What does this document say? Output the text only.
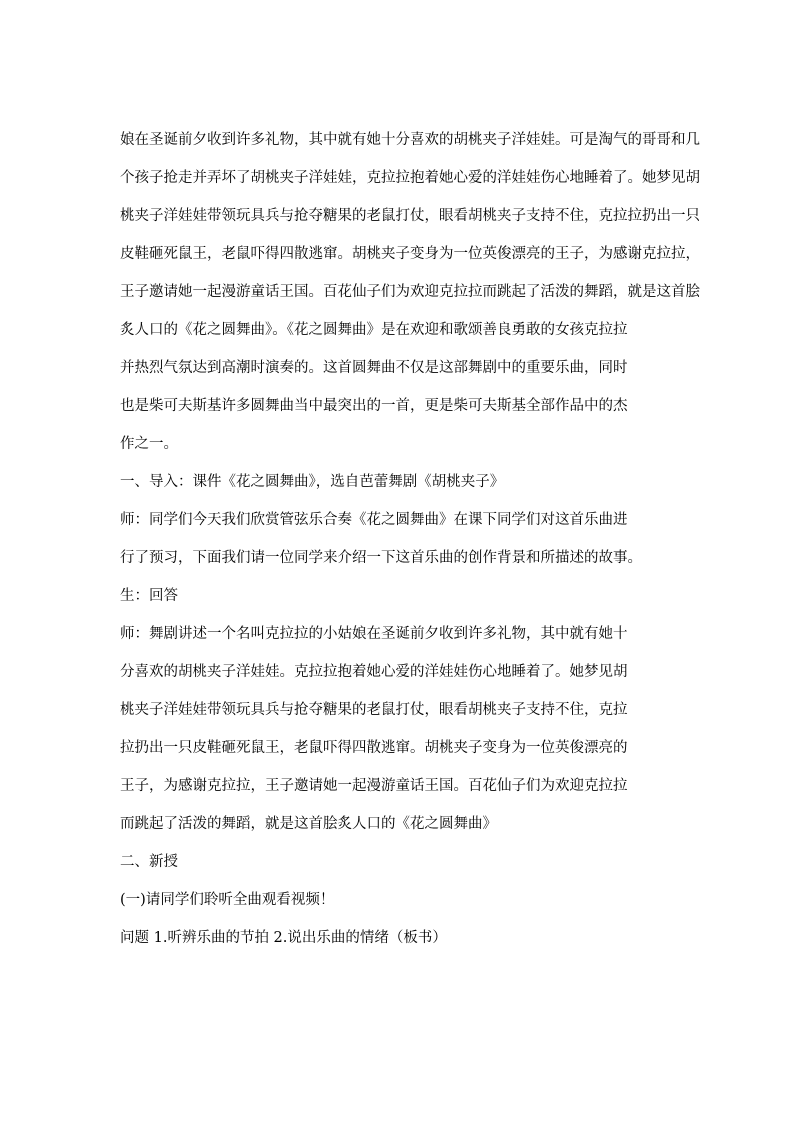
娘在圣诞前夕收到许多礼物，其中就有她十分喜欢的胡桃夹子洋娃娃。可是淘气的哥哥和几
个孩子抢走并弄坏了胡桃夹子洋娃娃，克拉拉抱着她心爱的洋娃娃伤心地睡着了。她梦见胡
桃夹子洋娃娃带领玩具兵与抢夺糖果的老鼠打仗，眼看胡桃夹子支持不住，克拉拉扔出一只
皮鞋砸死鼠王，老鼠吓得四散逃窜。胡桃夹子变身为一位英俊漂亮的王子，为感谢克拉拉，
王子邀请她一起漫游童话王国。百花仙子们为欢迎克拉拉而跳起了活泼的舞蹈，就是这首脍
炙人口的《花之圆舞曲》。《花之圆舞曲》是在欢迎和歌颂善良勇敢的女孩克拉拉
并热烈气氛达到高潮时演奏的。这首圆舞曲不仅是这部舞剧中的重要乐曲，同时
也是柴可夫斯基许多圆舞曲当中最突出的一首，更是柴可夫斯基全部作品中的杰
作之一。
一、导入：课件《花之圆舞曲》，选自芭蕾舞剧《胡桃夹子》
师：同学们今天我们欣赏管弦乐合奏《花之圆舞曲》在课下同学们对这首乐曲进
行了预习，下面我们请一位同学来介绍一下这首乐曲的创作背景和所描述的故事。
生：回答
师：舞剧讲述一个名叫克拉拉的小姑娘在圣诞前夕收到许多礼物，其中就有她十
分喜欢的胡桃夹子洋娃娃。克拉拉抱着她心爱的洋娃娃伤心地睡着了。她梦见胡
桃夹子洋娃娃带领玩具兵与抢夺糖果的老鼠打仗，眼看胡桃夹子支持不住，克拉
拉扔出一只皮鞋砸死鼠王，老鼠吓得四散逃窜。胡桃夹子变身为一位英俊漂亮的
王子，为感谢克拉拉，王子邀请她一起漫游童话王国。百花仙子们为欢迎克拉拉
而跳起了活泼的舞蹈，就是这首脍炙人口的《花之圆舞曲》
二、新授
(一)请同学们聆听全曲观看视频！
问题 1.听辨乐曲的节拍 2.说出乐曲的情绪（板书）
